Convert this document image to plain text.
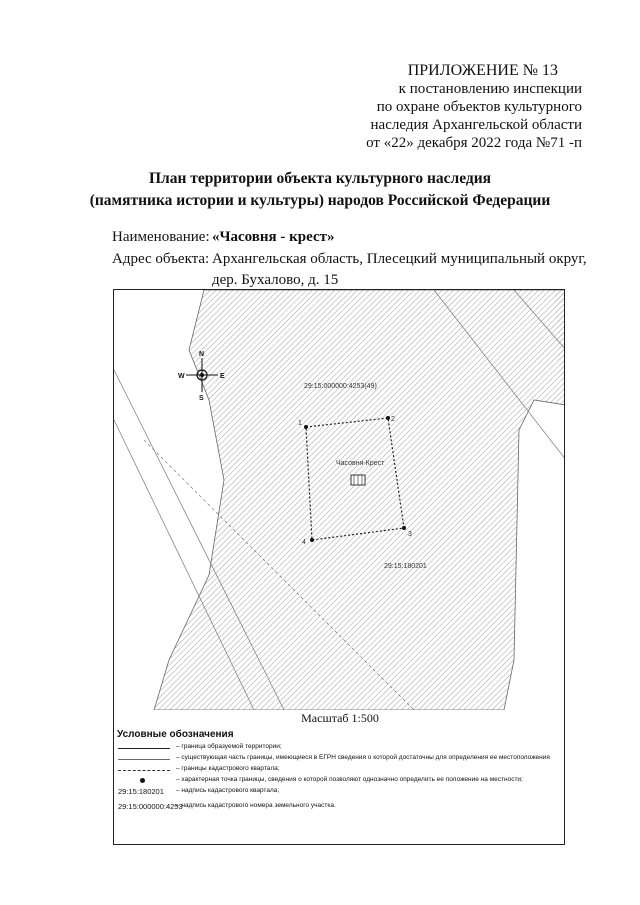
ПРИЛОЖЕНИЕ № 13
к постановлению инспекции
по охране объектов культурного
наследия Архангельской области
от «22» декабря 2022 года №71 -п
План территории объекта культурного наследия
(памятника истории и культуры) народов Российской Федерации
Наименование: «Часовня - крест»
Адрес объекта: Архангельская область, Плесецкий муниципальный округ,
дер. Бухалово, д. 15
1
2
3
4
Часовня-Крест
29:15:000000:4253(49)
29:15:180201
N
S
W	E
Масштаб 1:500
Условные обозначения
– граница образуемой территории;
– существующая часть границы, имеющиеся в ЕГРН сведения о которой достаточны для определения ее местоположения
– границы кадастрового квартала;
– характерная точка границы, сведения о которой позволяют однозначно определить ее положение на местности;
29:15:180201 – надпись кадастрового квартала;
29:15:000000:4253
– надпись кадастрового номера земельного участка.
